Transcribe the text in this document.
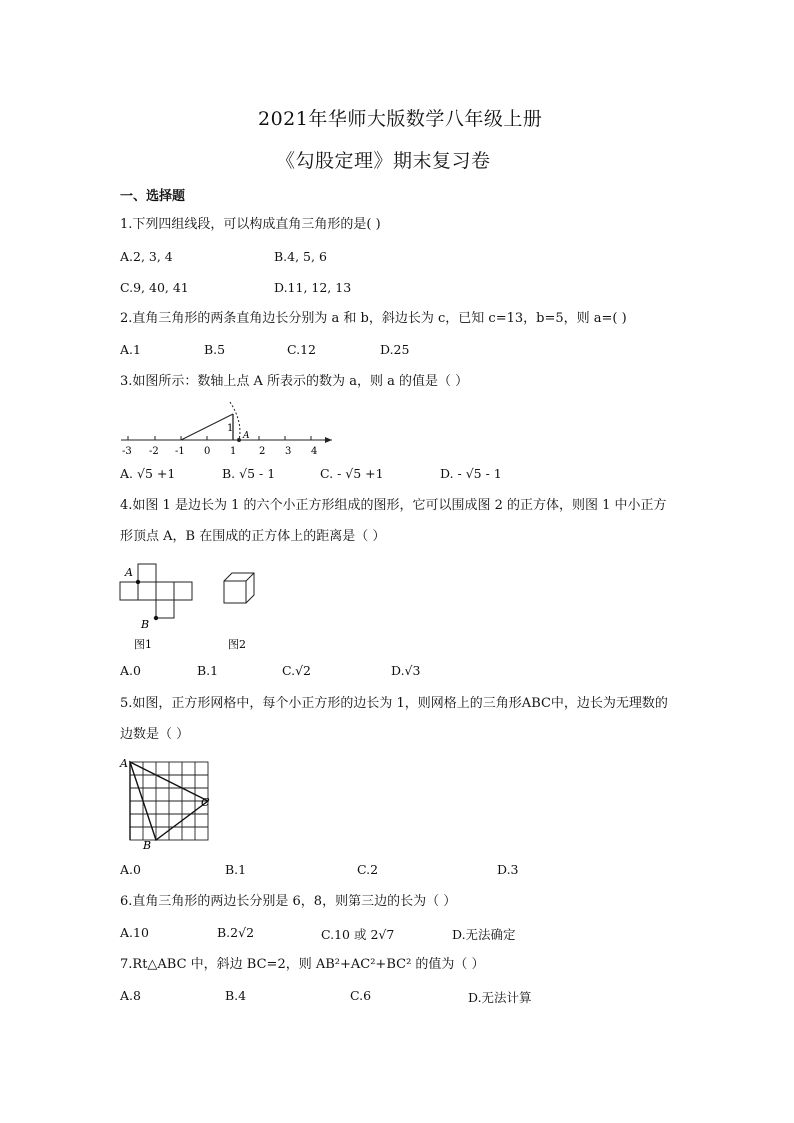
2021年华师大版数学八年级上册
《勾股定理》期末复习卷
一、选择题
1.下列四组线段，可以构成直角三角形的是( )
A.2, 3, 4	B.4, 5, 6
C.9, 40, 41	D.11, 12, 13
2.直角三角形的两条直角边长分别为 a 和 b，斜边长为 c，已知 c=13，b=5，则 a=( )
A.1	B.5	C.12	D.25
3.如图所示：数轴上点 A 所表示的数为 a，则 a 的值是（ ）
1
A
-3 -2 -1 0 1 2 3 4
A. √5 +1	B. √5 - 1	C. - √5 +1	D. - √5 - 1
4.如图 1 是边长为 1 的六个小正方形组成的图形，它可以围成图 2 的正方体，则图 1 中小正方
形顶点 A，B 在围成的正方体上的距离是（ ）
A
B
图1	图2
A.0	B.1	C.√2	D.√3
5.如图，正方形网格中，每个小正方形的边长为 1，则网格上的三角形ABC中，边长为无理数的
边数是（ ）
A
B
C
A.0	B.1	C.2	D.3
6.直角三角形的两边长分别是 6，8，则第三边的长为（ ）
A.10	B.2√2	C.10 或 2√7	D.无法确定
7.Rt△ABC 中，斜边 BC=2，则 AB²+AC²+BC² 的值为（ ）
A.8	B.4	C.6	D.无法计算
